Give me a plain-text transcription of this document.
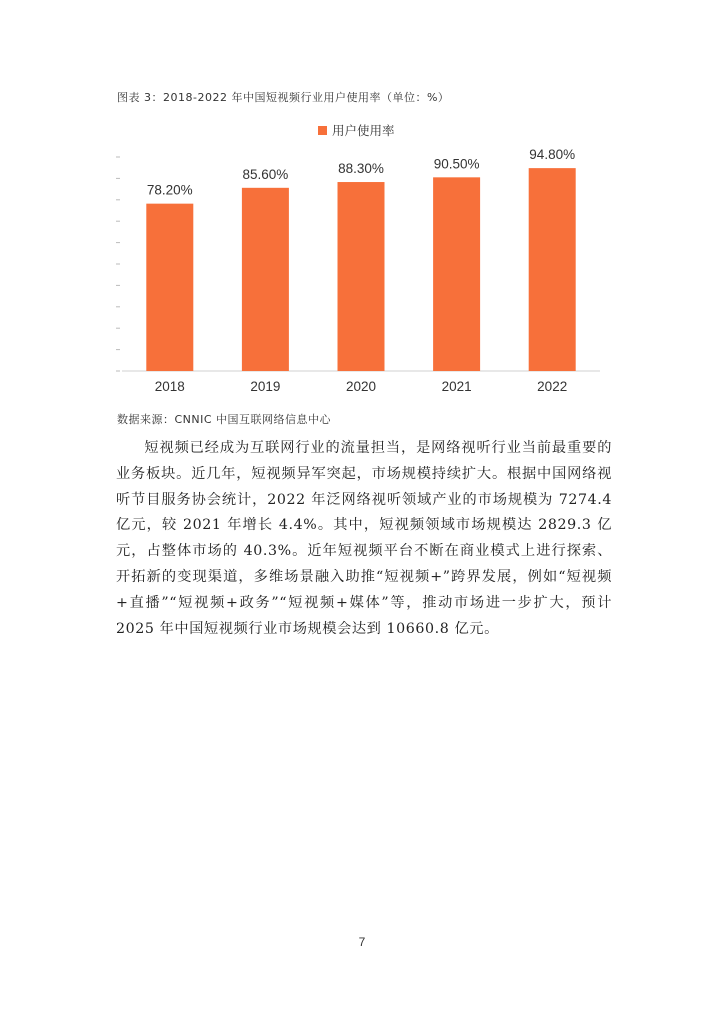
图表 3：2018-2022 年中国短视频行业用户使用率（单位：%）
用户使用率
78.20%
85.60%	88.30%	90.50%
94.80%
2018	2019	2020	2021	2022
数据来源：CNNIC 中国互联网络信息中心

短视频已经成为互联网行业的流量担当，是网络视听行业当前最重要的业务板块。近几年，短视频异军突起，市场规模持续扩大。根据中国网络视听节目服务协会统计，2022 年泛网络视听领域产业的市场规模为 7274.4 亿元，较 2021 年增长 4.4%。其中，短视频领域市场规模达 2829.3 亿元，占整体市场的 40.3%。近年短视频平台不断在商业模式上进行探索、开拓新的变现渠道，多维场景融入助推“短视频+”跨界发展，例如“短视频+直播”“短视频+政务”“短视频+媒体”等，推动市场进一步扩大，预计 2025 年中国短视频行业市场规模会达到 10660.8 亿元。

7
